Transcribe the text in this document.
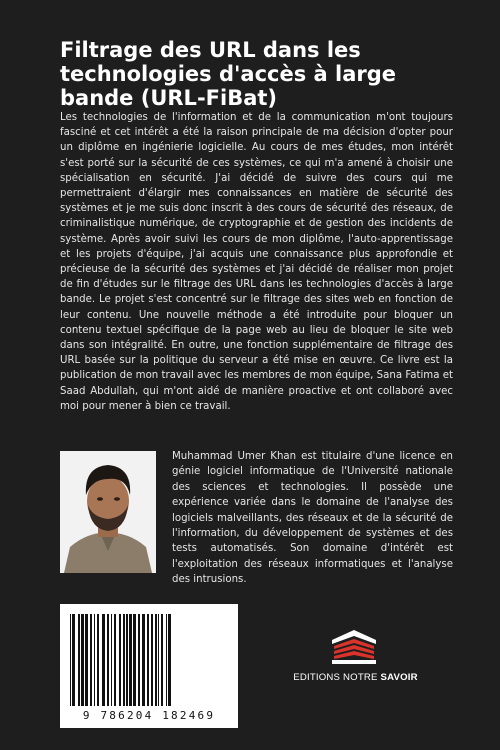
Filtrage des URL dans les technologies d'accès à large bande (URL-FiBat)

Les technologies de l'information et de la communication m'ont toujours fasciné et cet intérêt a été la raison principale de ma décision d'opter pour un diplôme en ingénierie logicielle. Au cours de mes études, mon intérêt s'est porté sur la sécurité de ces systèmes, ce qui m'a amené à choisir une spécialisation en sécurité. J'ai décidé de suivre des cours qui me permettraient d'élargir mes connaissances en matière de sécurité des systèmes et je me suis donc inscrit à des cours de sécurité des réseaux, de criminalistique numérique, de cryptographie et de gestion des incidents de système. Après avoir suivi les cours de mon diplôme, l'auto-apprentissage et les projets d'équipe, j'ai acquis une connaissance plus approfondie et précieuse de la sécurité des systèmes et j'ai décidé de réaliser mon projet de fin d'études sur le filtrage des URL dans les technologies d'accès à large bande. Le projet s'est concentré sur le filtrage des sites web en fonction de leur contenu. Une nouvelle méthode a été introduite pour bloquer un contenu textuel spécifique de la page web au lieu de bloquer le site web dans son intégralité. En outre, une fonction supplémentaire de filtrage des URL basée sur la politique du serveur a été mise en œuvre. Ce livre est la publication de mon travail avec les membres de mon équipe, Sana Fatima et Saad Abdullah, qui m'ont aidé de manière proactive et ont collaboré avec moi pour mener à bien ce travail.

Muhammad Umer Khan est titulaire d'une licence en génie logiciel informatique de l'Université nationale des sciences et technologies. Il possède une expérience variée dans le domaine de l'analyse des logiciels malveillants, des réseaux et de la sécurité de l'information, du développement de systèmes et des tests automatisés. Son domaine d'intérêt est l'exploitation des réseaux informatiques et l'analyse des intrusions.

9 786204 182469
EDITIONS NOTRE SAVOIR
